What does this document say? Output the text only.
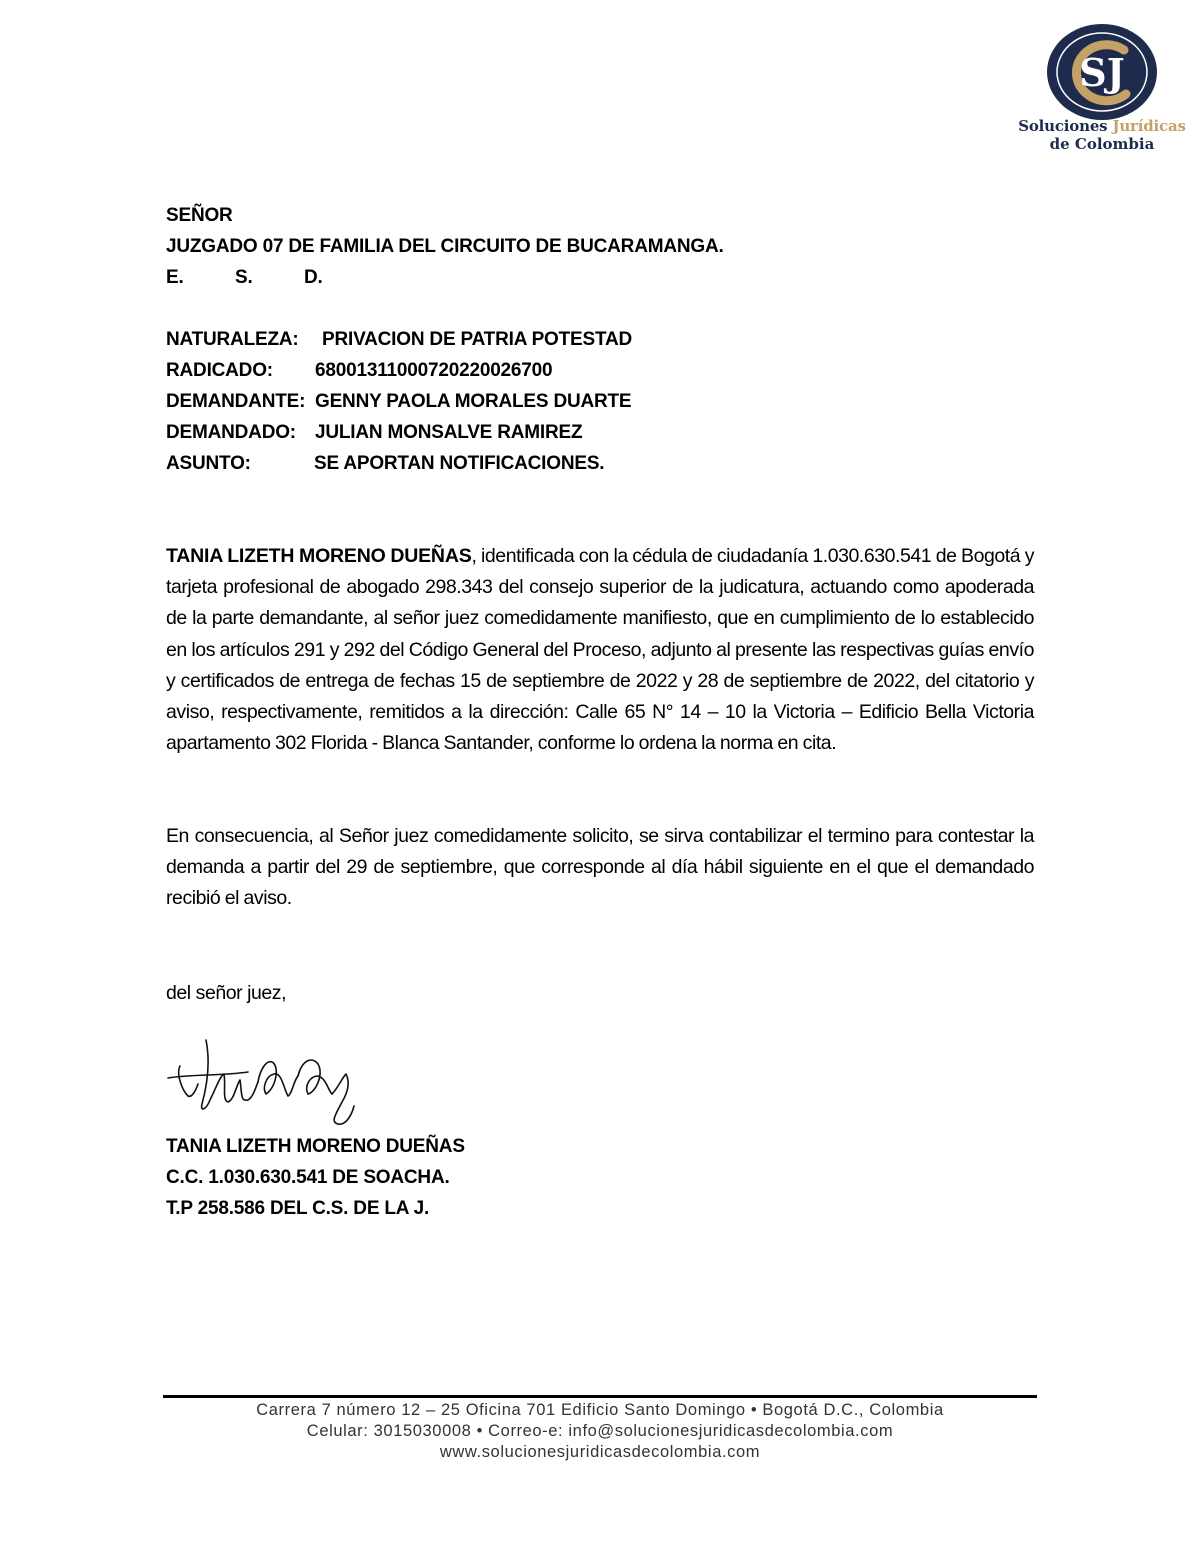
SJ
Soluciones Jurídicas
de Colombia
SEÑOR
JUZGADO 07 DE FAMILIA DEL CIRCUITO DE BUCARAMANGA.
E.	S.	D.
NATURALEZA:	PRIVACION DE PATRIA POTESTAD
RADICADO:	68001311000720220026700
DEMANDANTE: GENNY PAOLA MORALES DUARTE
DEMANDADO:	JULIAN MONSALVE RAMIREZ
ASUNTO:	SE APORTAN NOTIFICACIONES.
TANIA LIZETH MORENO DUEÑAS, identificada con la cédula de ciudadanía 1.030.630.541 de Bogotá y tarjeta profesional de abogado 298.343 del consejo superior de la judicatura, actuando como apoderada de la parte demandante, al señor juez comedidamente manifiesto, que en cumplimiento de lo establecido en los artículos 291 y 292 del Código General del Proceso, adjunto al presente las respectivas guías envío y certificados de entrega de fechas 15 de septiembre de 2022 y 28 de septiembre de 2022, del citatorio y aviso, respectivamente, remitidos a la dirección: Calle 65 N° 14 – 10 la Victoria – Edificio Bella Victoria apartamento 302 Florida - Blanca Santander, conforme lo ordena la norma en cita.
En consecuencia, al Señor juez comedidamente solicito, se sirva contabilizar el termino para contestar la demanda a partir del 29 de septiembre, que corresponde al día hábil siguiente en el que el demandado recibió el aviso.
del señor juez,
TANIA LIZETH MORENO DUEÑAS
C.C. 1.030.630.541 DE SOACHA.
T.P 258.586 DEL C.S. DE LA J.
Carrera 7 número 12 – 25 Oficina 701 Edificio Santo Domingo • Bogotá D.C., Colombia
Celular: 3015030008 • Correo-e: info@solucionesjuridicasdecolombia.com
www.solucionesjuridicasdecolombia.com
